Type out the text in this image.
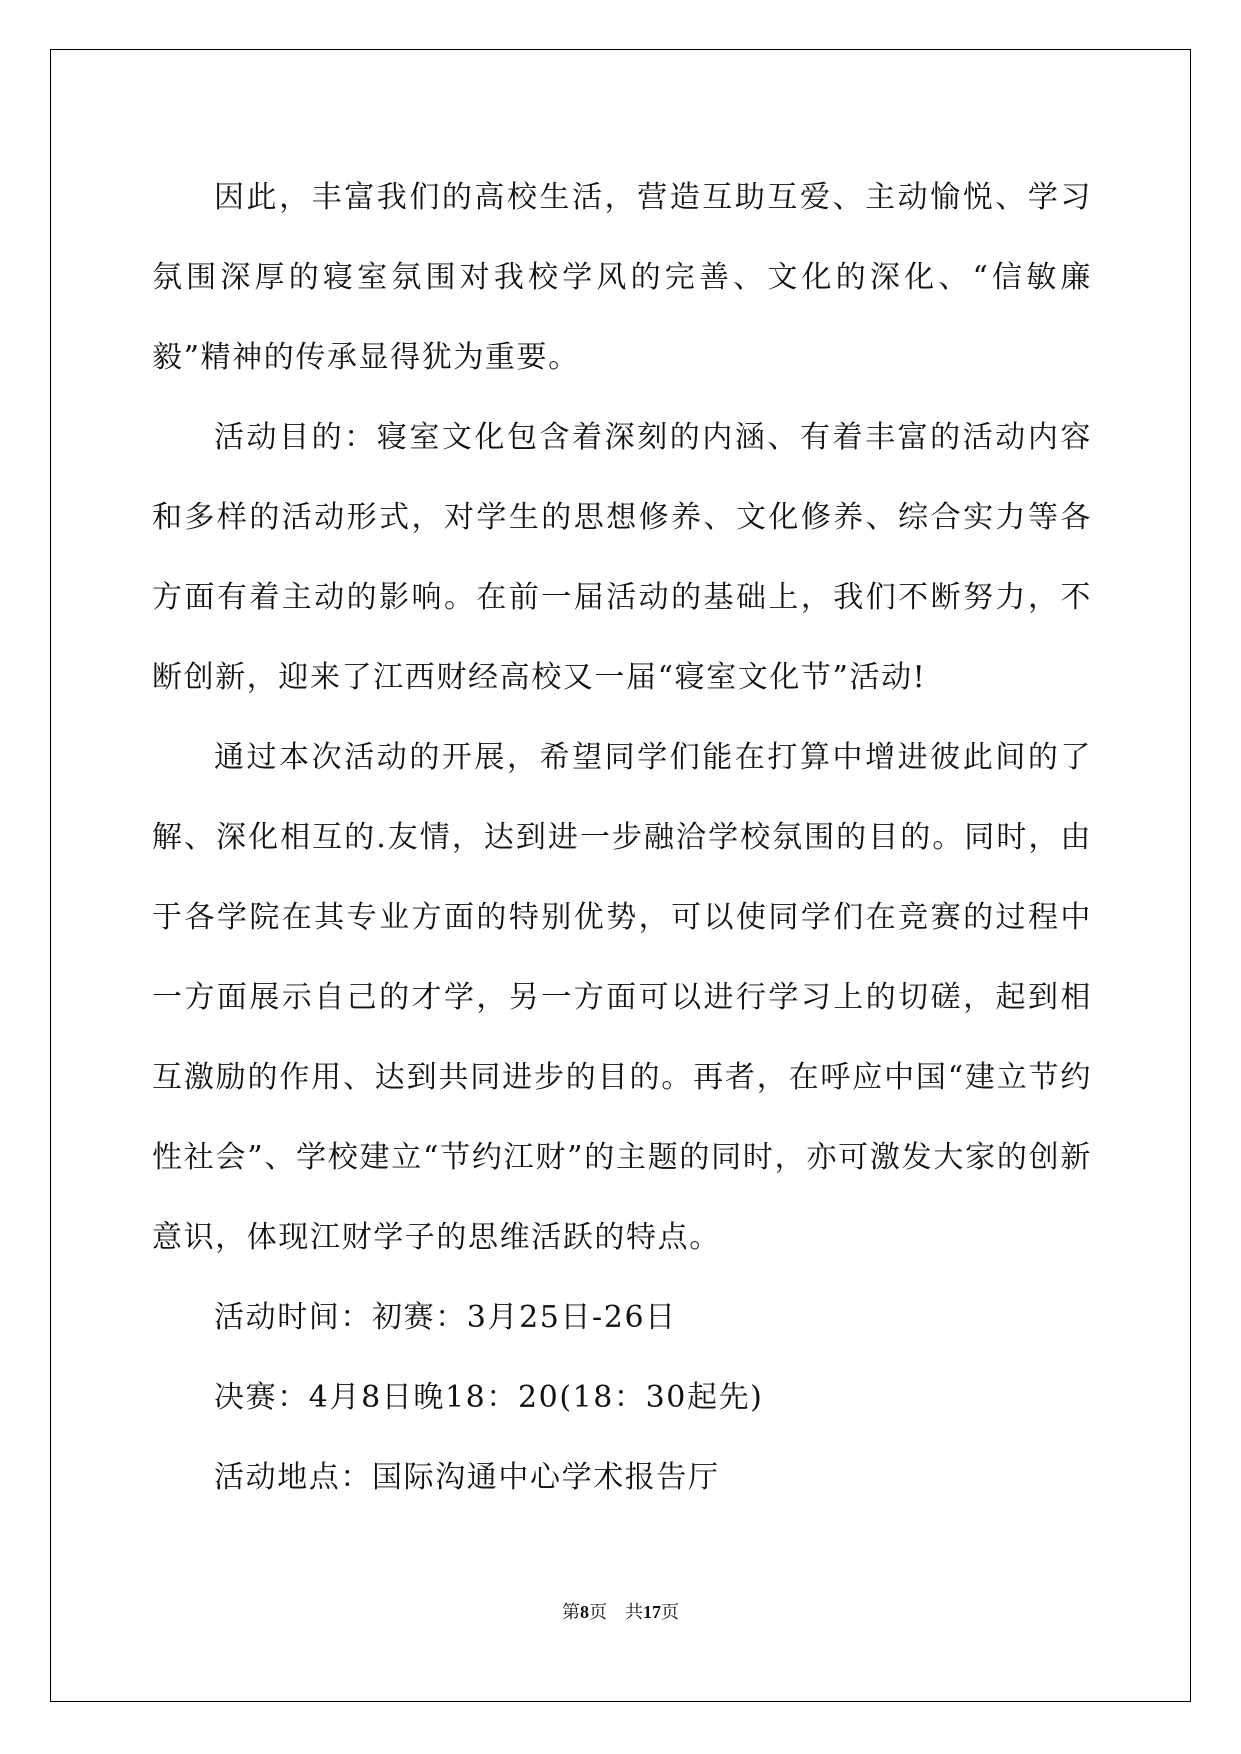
因此，丰富我们的高校生活，营造互助互爱、主动愉悦、学习氛围深厚的寝室氛围对我校学风的完善、文化的深化、“信敏廉毅”精神的传承显得犹为重要。

活动目的：寝室文化包含着深刻的内涵、有着丰富的活动内容和多样的活动形式，对学生的思想修养、文化修养、综合实力等各方面有着主动的影响。在前一届活动的基础上，我们不断努力，不断创新，迎来了江西财经高校又一届“寝室文化节”活动!

通过本次活动的开展，希望同学们能在打算中增进彼此间的了解、深化相互的.友情，达到进一步融洽学校氛围的目的。同时，由于各学院在其专业方面的特别优势，可以使同学们在竞赛的过程中一方面展示自己的才学，另一方面可以进行学习上的切磋，起到相互激励的作用、达到共同进步的目的。再者，在呼应中国“建立节约性社会”、学校建立“节约江财”的主题的同时，亦可激发大家的创新意识，体现江财学子的思维活跃的特点。

活动时间：初赛：3月25日-26日

决赛：4月8日晚18：20(18：30起先)

活动地点：国际沟通中心学术报告厅

第8页 共17页
